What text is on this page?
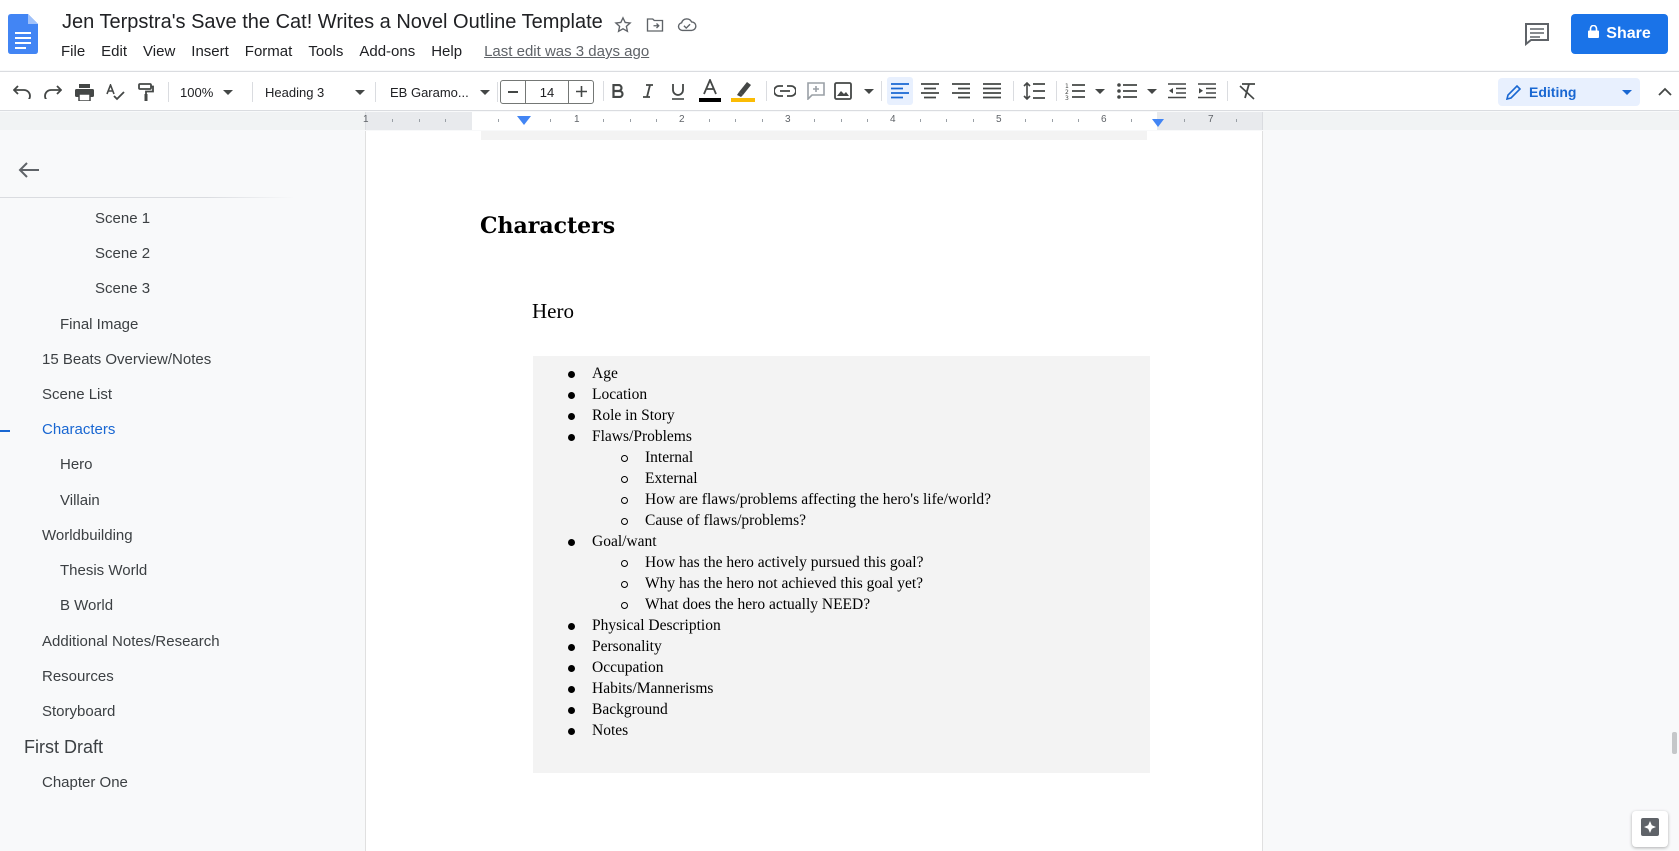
Jen Terpstra's Save the Cat! Writes a Novel Outline Template
File	Edit	View	Insert	Format	Tools	Add-ons	Help	Last edit was 3 days ago
Share
100%	Heading 3	EB Garamo...	14	1
2
3	Editing
1	1	2	3	4	5	6	7
Scene 1
Scene 2
Scene 3
Final Image
15 Beats Overview/Notes
Scene List
Characters
Hero
Villain
Worldbuilding
Thesis World
B World
Additional Notes/Research
Resources
Storyboard
First Draft
Chapter One
Characters
Hero
Age
Location
Role in Story
Flaws/Problems
Internal
External
How are flaws/problems affecting the hero's life/world?
Cause of flaws/problems?
Goal/want
How has the hero actively pursued this goal?
Why has the hero not achieved this goal yet?
What does the hero actually NEED?
Physical Description
Personality
Occupation
Habits/Mannerisms
Background
Notes
